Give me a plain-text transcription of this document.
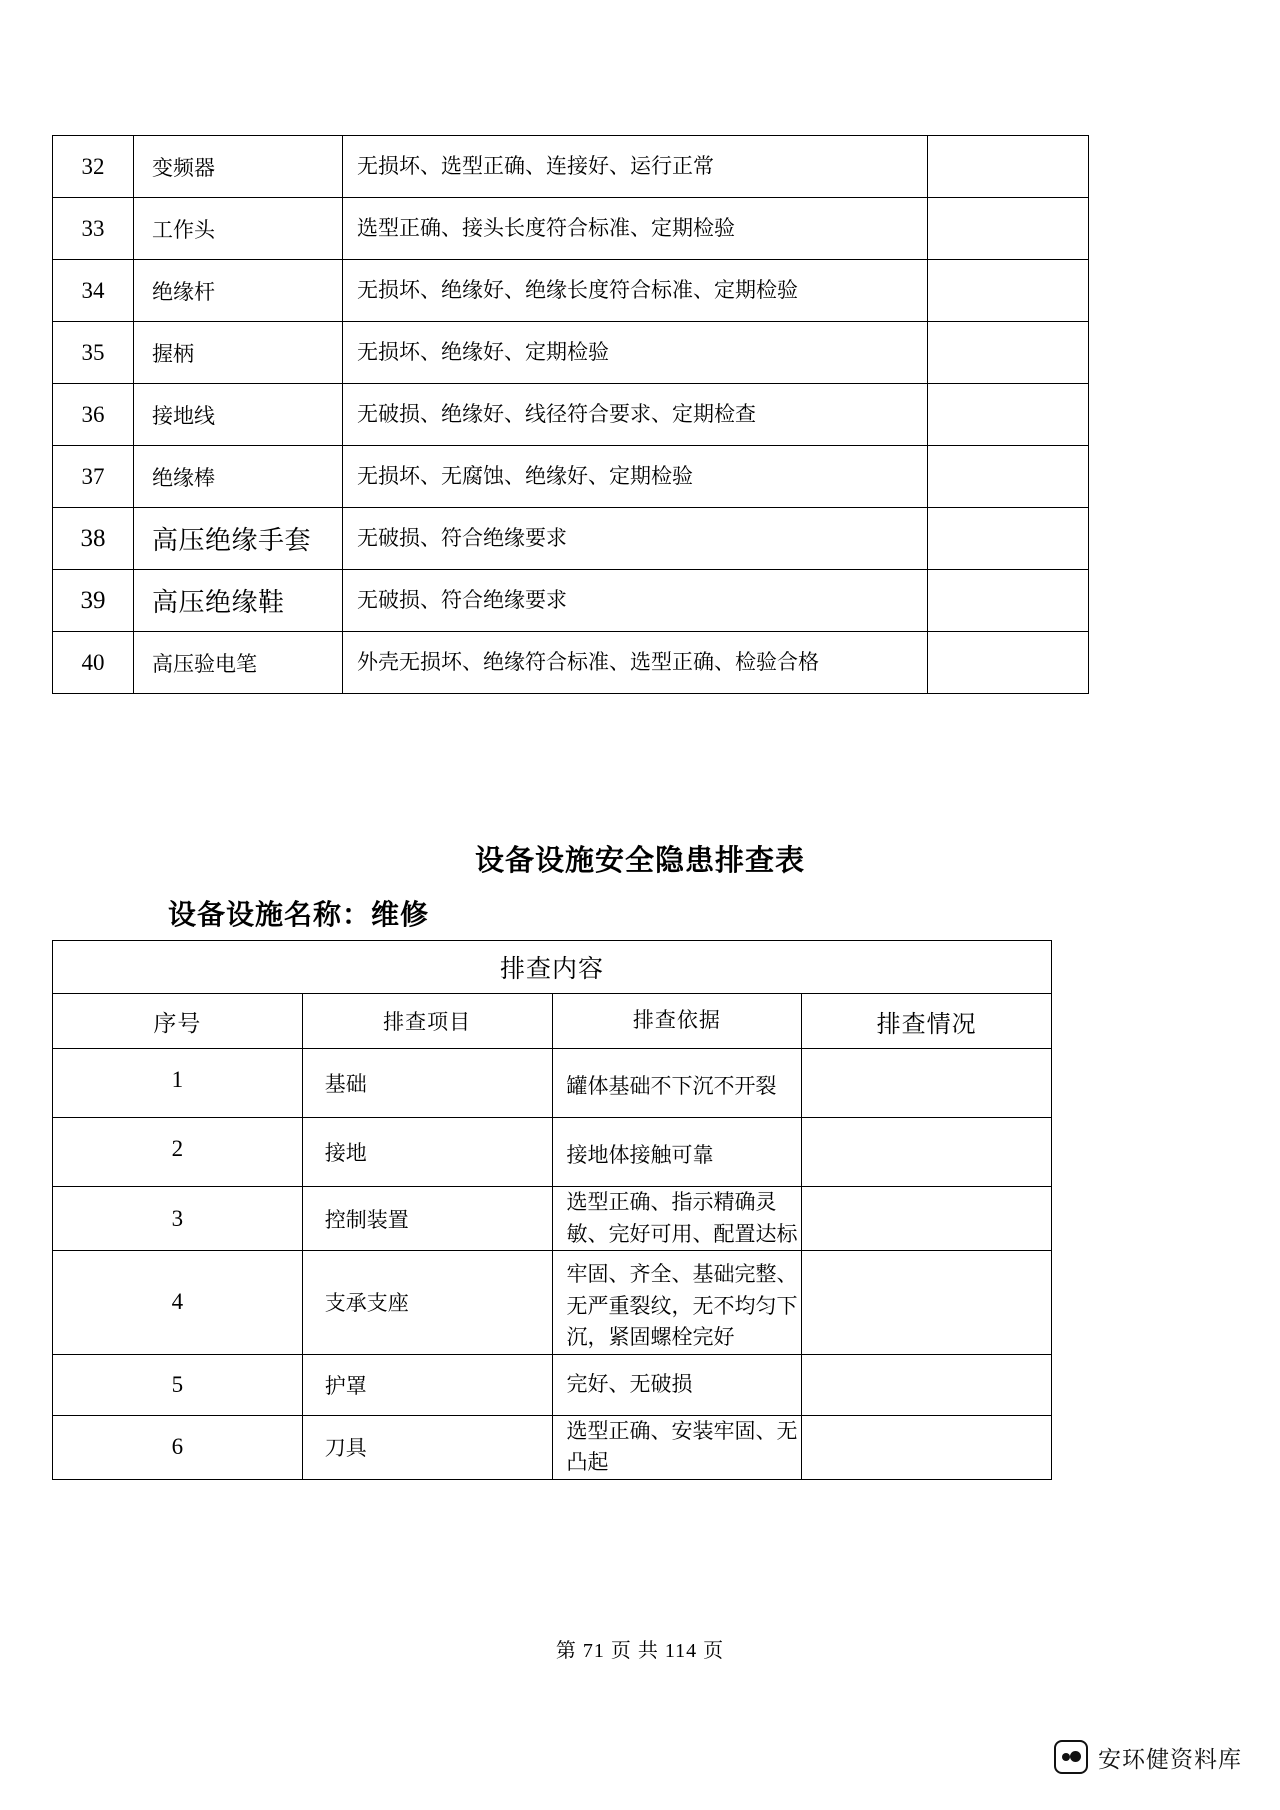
32	变频器	无损坏、选型正确、连接好、运行正常	
33	工作头	选型正确、接头长度符合标准、定期检验	
34	绝缘杆	无损坏、绝缘好、绝缘长度符合标准、定期检验	
35	握柄	无损坏、绝缘好、定期检验	
36	接地线	无破损、绝缘好、线径符合要求、定期检查	
37	绝缘棒	无损坏、无腐蚀、绝缘好、定期检验	
38	高压绝缘手套	无破损、符合绝缘要求	
39	高压绝缘鞋	无破损、符合绝缘要求	
40	高压验电笔	外壳无损坏、绝缘符合标准、选型正确、检验合格	
设备设施安全隐患排查表
设备设施名称：维修
排查内容			
序号	排查项目	排查依据	排查情况
1	基础	罐体基础不下沉不开裂	
2	接地	接地体接触可靠	
3	控制装置	选型正确、指示精确灵敏、完好可用、配置达标	
4	支承支座	牢固、齐全、基础完整、无严重裂纹，无不均匀下沉，紧固螺栓完好	
5	护罩	完好、无破损	
6	刀具	选型正确、安装牢固、无凸起	
第 71 页 共 114 页
安环健资料库
